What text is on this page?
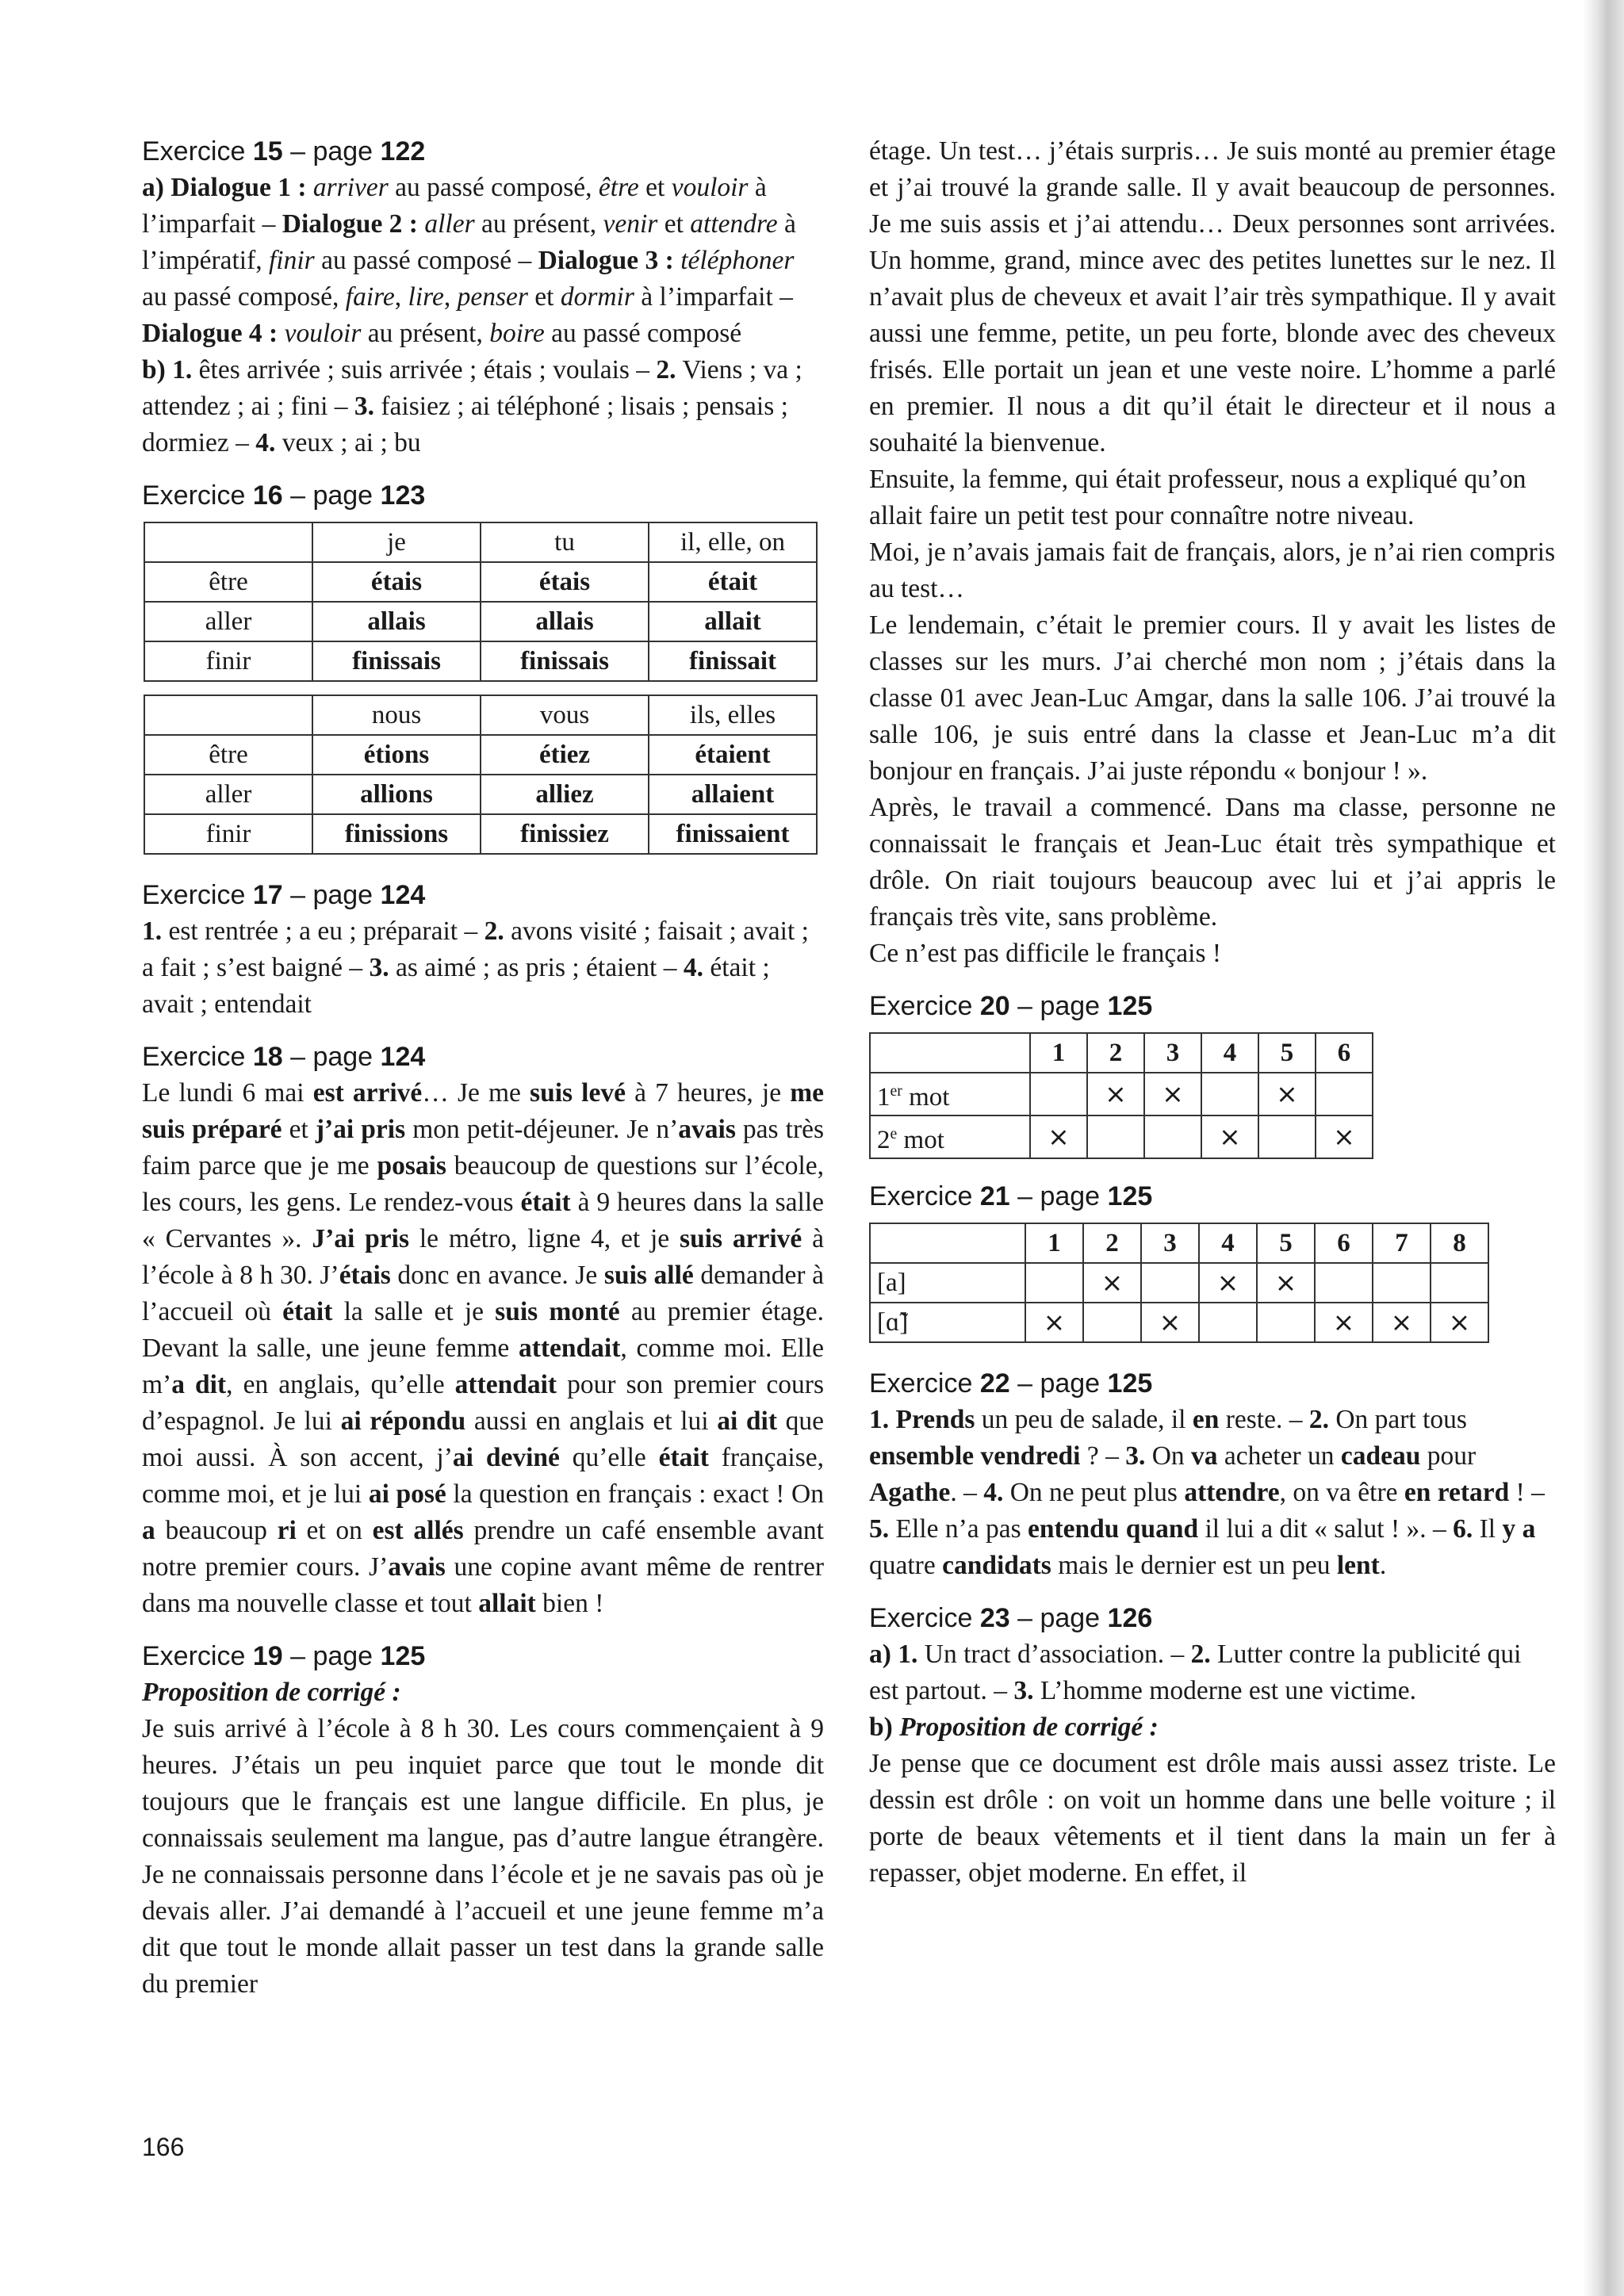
Exercice 15 – page 122

a) Dialogue 1 : arriver au passé composé, être et vouloir à l’imparfait – Dialogue 2 : aller au présent, venir et attendre à l’impératif, finir au passé composé – Dialogue 3 : téléphoner au passé composé, faire, lire, penser et dormir à l’imparfait – Dialogue 4 : vouloir au présent, boire au passé composé

b) 1. êtes arrivée ; suis arrivée ; étais ; voulais – 2. Viens ; va ; attendez ; ai ; fini – 3. faisiez ; ai téléphoné ; lisais ; pensais ; dormiez – 4. veux ; ai ; bu

Exercice 16 – page 123
	je	tu	il, elle, on
être	étais	étais	était
aller	allais	allais	allait
finir	finissais	finissais	finissait
	nous	vous	ils, elles
être	étions	étiez	étaient
aller	allions	alliez	allaient
finir	finissions	finissiez	finissaient
Exercice 17 – page 124

1. est rentrée ; a eu ; préparait – 2. avons visité ; faisait ; avait ; a fait ; s’est baigné – 3. as aimé ; as pris ; étaient – 4. était ; avait ; entendait

Exercice 18 – page 124

Le lundi 6 mai est arrivé… Je me suis levé à 7 heures, je me suis préparé et j’ai pris mon petit-déjeuner. Je n’avais pas très faim parce que je me posais beaucoup de questions sur l’école, les cours, les gens. Le rendez-vous était à 9 heures dans la salle « Cervantes ». J’ai pris le métro, ligne 4, et je suis arrivé à l’école à 8 h 30. J’étais donc en avance. Je suis allé demander à l’accueil où était la salle et je suis monté au premier étage. Devant la salle, une jeune femme attendait, comme moi. Elle m’a dit, en anglais, qu’elle attendait pour son premier cours d’espagnol. Je lui ai répondu aussi en anglais et lui ai dit que moi aussi. À son accent, j’ai deviné qu’elle était française, comme moi, et je lui ai posé la question en français : exact ! On a beaucoup ri et on est allés prendre un café ensemble avant notre premier cours. J’avais une copine avant même de rentrer dans ma nouvelle classe et tout allait bien !

Exercice 19 – page 125

Proposition de corrigé :

Je suis arrivé à l’école à 8 h 30. Les cours commençaient à 9 heures. J’étais un peu inquiet parce que tout le monde dit toujours que le français est une langue difficile. En plus, je connaissais seulement ma langue, pas d’autre langue étrangère. Je ne connaissais personne dans l’école et je ne savais pas où je devais aller. J’ai demandé à l’accueil et une jeune femme m’a dit que tout le monde allait passer un test dans la grande salle du premier

étage. Un test… j’étais surpris… Je suis monté au premier étage et j’ai trouvé la grande salle. Il y avait beaucoup de personnes. Je me suis assis et j’ai attendu… Deux personnes sont arrivées. Un homme, grand, mince avec des petites lunettes sur le nez. Il n’avait plus de cheveux et avait l’air très sympathique. Il y avait aussi une femme, petite, un peu forte, blonde avec des cheveux frisés. Elle portait un jean et une veste noire. L’homme a parlé en premier. Il nous a dit qu’il était le directeur et il nous a souhaité la bienvenue.

Ensuite, la femme, qui était professeur, nous a expliqué qu’on allait faire un petit test pour connaître notre niveau.

Moi, je n’avais jamais fait de français, alors, je n’ai rien compris au test…

Le lendemain, c’était le premier cours. Il y avait les listes de classes sur les murs. J’ai cherché mon nom ; j’étais dans la classe 01 avec Jean-Luc Amgar, dans la salle 106. J’ai trouvé la salle 106, je suis entré dans la classe et Jean-Luc m’a dit bonjour en français. J’ai juste répondu « bonjour ! ».

Après, le travail a commencé. Dans ma classe, personne ne connaissait le français et Jean-Luc était très sympathique et drôle. On riait toujours beaucoup avec lui et j’ai appris le français très vite, sans problème.

Ce n’est pas difficile le français !

Exercice 20 – page 125
	1	2	3	4	5	6
1er mot		×	×		×	
2e mot	×			×		×
Exercice 21 – page 125
	1	2	3	4	5	6	7	8
[a]		×		×	×			
[ɑ̃]	×		×			×	×	×
Exercice 22 – page 125

1. Prends un peu de salade, il en reste. – 2. On part tous ensemble vendredi ? – 3. On va acheter un cadeau pour Agathe. – 4. On ne peut plus attendre, on va être en retard ! – 5. Elle n’a pas entendu quand il lui a dit « salut ! ». – 6. Il y a quatre candidats mais le dernier est un peu lent.

Exercice 23 – page 126

a) 1. Un tract d’association. – 2. Lutter contre la publicité qui est partout. – 3. L’homme moderne est une victime.

b) Proposition de corrigé :

Je pense que ce document est drôle mais aussi assez triste. Le dessin est drôle : on voit un homme dans une belle voiture ; il porte de beaux vêtements et il tient dans la main un fer à repasser, objet moderne. En effet, il

166
